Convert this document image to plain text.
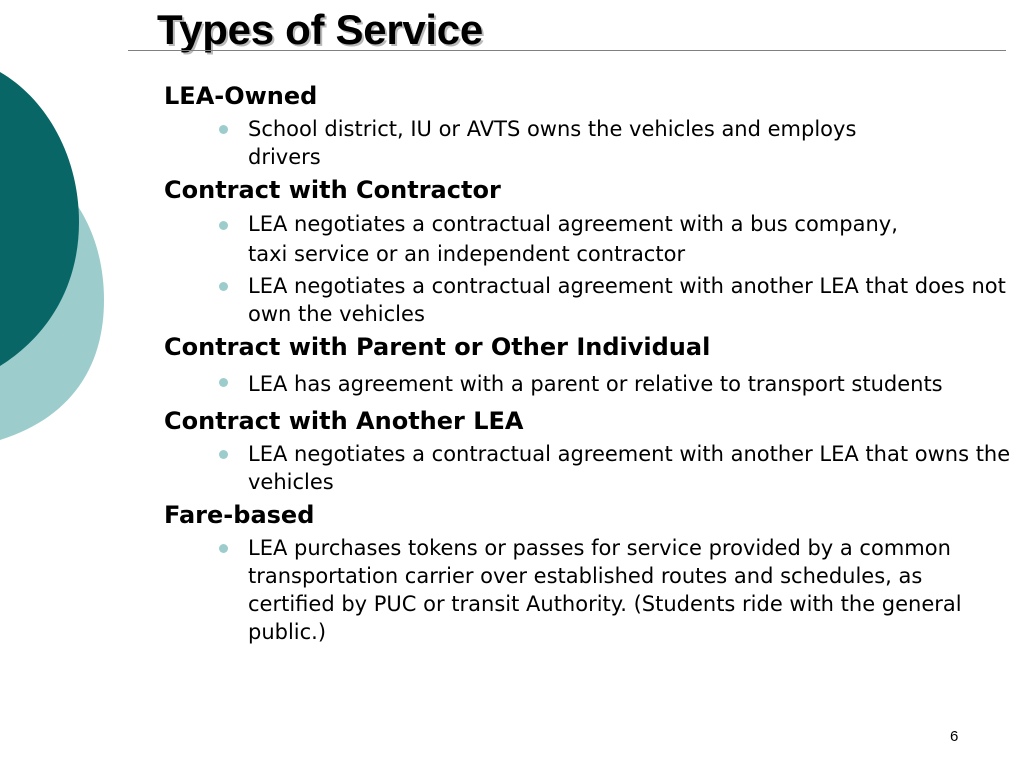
Types of Service

LEA-Owned

School district, IU or AVTS owns the vehicles and employs drivers

Contract with Contractor

LEA negotiates a contractual agreement with a bus company, taxi service or an independent contractor
LEA negotiates a contractual agreement with another LEA that does not own the vehicles

Contract with Parent or Other Individual

LEA has agreement with a parent or relative to transport students

Contract with Another LEA

LEA negotiates a contractual agreement with another LEA that owns the vehicles

Fare-based

LEA purchases tokens or passes for service provided by a common transportation carrier over established routes and schedules, as certified by PUC or transit Authority. (Students ride with the general public.)
6
